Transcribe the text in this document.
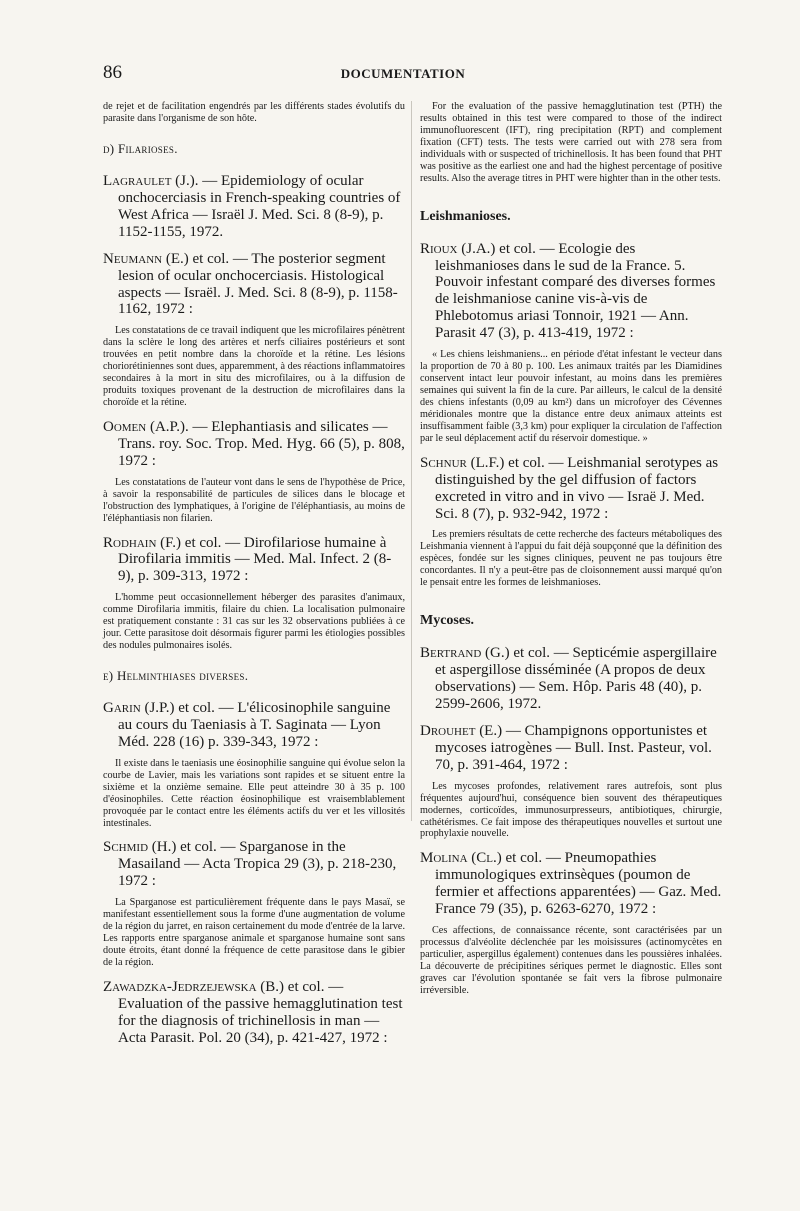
86	DOCUMENTATION

de rejet et de facilitation engendrés par les différents stades évolutifs du parasite dans l'organisme de son hôte.

d) Filarioses.

Lagraulet (J.). — Epidemiology of ocular onchocerciasis in French-speaking countries of West Africa — Israël J. Med. Sci. 8 (8-9), p. 1152-1155, 1972.

Neumann (E.) et col. — The posterior segment lesion of ocular onchocerciasis. Histological aspects — Israël. J. Med. Sci. 8 (8-9), p. 1158-1162, 1972 :

Les constatations de ce travail indiquent que les microfilaires pénètrent dans la sclère le long des artères et nerfs ciliaires postérieurs et sont trouvées en petit nombre dans la choroïde et la rétine. Les lésions choriorétiniennes sont dues, apparemment, à des réactions inflammatoires secondaires à la mort in situ des microfilaires, ou à la diffusion de produits toxiques provenant de la destruction de microfilaires dans la choroïde et la rétine.

Oomen (A.P.). — Elephantiasis and silicates — Trans. roy. Soc. Trop. Med. Hyg. 66 (5), p. 808, 1972 :

Les constatations de l'auteur vont dans le sens de l'hypothèse de Price, à savoir la responsabilité de particules de silices dans le blocage et l'obstruction des lymphatiques, à l'origine de l'éléphantiasis, au moins de l'éléphantiasis non filarien.

Rodhain (F.) et col. — Dirofilariose humaine à Dirofilaria immitis — Med. Mal. Infect. 2 (8-9), p. 309-313, 1972 :

L'homme peut occasionnellement héberger des parasites d'animaux, comme Dirofilaria immitis, filaire du chien. La localisation pulmonaire est pratiquement constante : 31 cas sur les 32 observations publiées à ce jour. Cette parasitose doit désormais figurer parmi les étiologies possibles des nodules pulmonaires isolés.

e) Helminthiases diverses.

Garin (J.P.) et col. — L'élicosinophile sanguine au cours du Taeniasis à T. Saginata — Lyon Méd. 228 (16) p. 339-343, 1972 :

Il existe dans le taeniasis une éosinophilie sanguine qui évolue selon la courbe de Lavier, mais les variations sont rapides et se situent entre la sixième et la onzième semaine. Elle peut atteindre 30 à 35 p. 100 d'éosinophiles. Cette réaction éosinophilique est vraisemblablement provoquée par le contact entre les éléments actifs du ver et les villosités intestinales.

Schmid (H.) et col. — Sparganose in the Masailand — Acta Tropica 29 (3), p. 218-230, 1972 :

La Sparganose est particulièrement fréquente dans le pays Masaï, se manifestant essentiellement sous la forme d'une augmentation de volume de la région du jarret, en raison certainement du mode d'entrée de la larve. Les rapports entre sparganose animale et sparganose humaine sont sans doute étroits, étant donné la fréquence de cette parasitose dans le gibier de la région.

Zawadzka-Jedrzejewska (B.) et col. — Evaluation of the passive hemagglutination test for the diagnosis of trichinellosis in man — Acta Parasit. Pol. 20 (34), p. 421-427, 1972 :

For the evaluation of the passive hemagglutination test (PTH) the results obtained in this test were compared to those of the indirect immunofluorescent (IFT), ring precipitation (RPT) and complement fixation (CFT) tests. The tests were carried out with 278 sera from individuals with or suspected of trichinellosis. It has been found that PHT was positive as the earliest one and had the highest percentage of positive results. Also the average titres in PHT were highter than in the other tests.

Leishmanioses.

Rioux (J.A.) et col. — Ecologie des leishmanioses dans le sud de la France. 5. Pouvoir infestant comparé des diverses formes de leishmaniose canine vis-à-vis de Phlebotomus ariasi Tonnoir, 1921 — Ann. Parasit 47 (3), p. 413-419, 1972 :

« Les chiens leishmaniens... en période d'état infestant le vecteur dans la proportion de 70 à 80 p. 100. Les animaux traités par les Diamidines conservent intact leur pouvoir infestant, au moins dans les premières semaines qui suivent la fin de la cure. Par ailleurs, le calcul de la densité des chiens infestants (0,09 au km²) dans un microfoyer des Cévennes méridionales montre que la distance entre deux animaux atteints est insuffisamment faible (3,3 km) pour expliquer la circulation de l'affection par le seul déplacement actif du réservoir domestique. »

Schnur (L.F.) et col. — Leishmanial serotypes as distinguished by the gel diffusion of factors excreted in vitro and in vivo — Israë J. Med. Sci. 8 (7), p. 932-942, 1972 :

Les premiers résultats de cette recherche des facteurs métaboliques des Leishmania viennent à l'appui du fait déjà soupçonné que la définition des espèces, fondée sur les signes cliniques, peuvent ne pas toujours être concordantes. Il n'y a peut-être pas de cloisonnement aussi marqué qu'on le pensait entre les formes de leishmanioses.

Mycoses.

Bertrand (G.) et col. — Septicémie aspergillaire et aspergillose disséminée (A propos de deux observations) — Sem. Hôp. Paris 48 (40), p. 2599-2606, 1972.

Drouhet (E.) — Champignons opportunistes et mycoses iatrogènes — Bull. Inst. Pasteur, vol. 70, p. 391-464, 1972 :

Les mycoses profondes, relativement rares autrefois, sont plus fréquentes aujourd'hui, conséquence bien souvent des thérapeutiques modernes, corticoïdes, immunosurpresseurs, antibiotiques, chirurgie, cathétérismes. Ce fait impose des thérapeutiques nouvelles et surtout une prophylaxie nouvelle.

Molina (Cl.) et col. — Pneumopathies immunologiques extrinsèques (poumon de fermier et affections apparentées) — Gaz. Med. France 79 (35), p. 6263-6270, 1972 :

Ces affections, de connaissance récente, sont caractérisées par un processus d'alvéolite déclenchée par les moisissures (actinomycètes en particulier, aspergillus également) contenues dans les poussières inhalées. La découverte de précipitines sériques permet le diagnostic. Elles sont graves car l'évolution spontanée se fait vers la fibrose pulmonaire irréversible.
